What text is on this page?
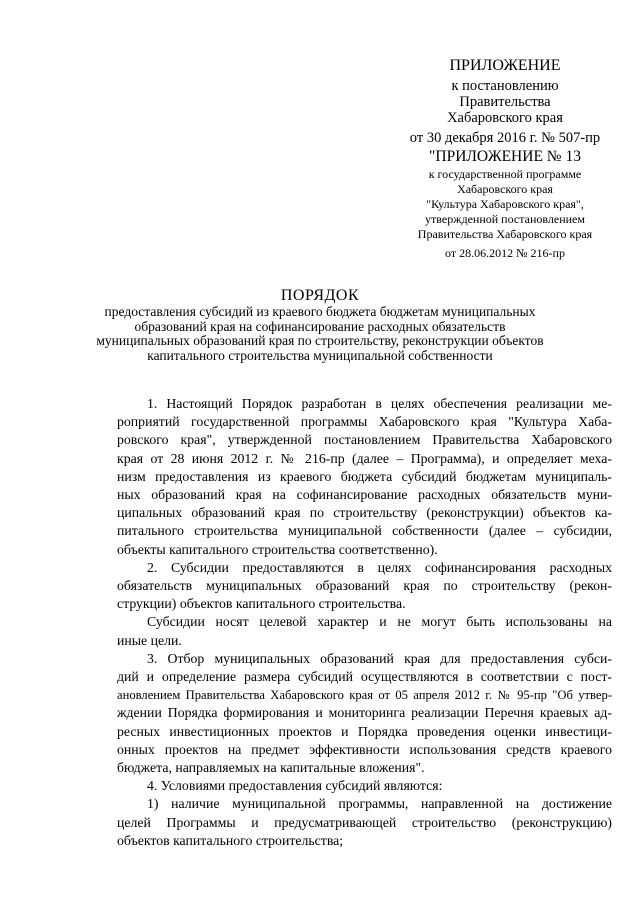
ПРИЛОЖЕНИЕ
к постановлению
Правительства
Хабаровского края
от 30 декабря 2016 г. № 507-пр
"ПРИЛОЖЕНИЕ № 13
к государственной программе
Хабаровского края
"Культура Хабаровского края",
утвержденной постановлением
Правительства Хабаровского края
от 28.06.2012 № 216-пр
ПОРЯДОК
предоставления субсидий из краевого бюджета бюджетам муниципальных
образований края на софинансирование расходных обязательств
муниципальных образований края по строительству, реконструкции объектов
капитального строительства муниципальной собственности
1. Настоящий Порядок разработан в целях обеспечения реализации ме-
роприятий государственной программы Хабаровского края "Культура Хаба-
ровского края", утвержденной постановлением Правительства Хабаровского
края от 28 июня 2012 г. № 216-пр (далее – Программа), и определяет меха-
низм предоставления из краевого бюджета субсидий бюджетам муниципаль-
ных образований края на софинансирование расходных обязательств муни-
ципальных образований края по строительству (реконструкции) объектов ка-
питального строительства муниципальной собственности (далее – субсидии,
объекты капитального строительства соответственно).
2. Субсидии предоставляются в целях софинансирования расходных
обязательств муниципальных образований края по строительству (рекон-
струкции) объектов капитального строительства.
Субсидии носят целевой характер и не могут быть использованы на
иные цели.
3. Отбор муниципальных образований края для предоставления субси-
дий и определение размера субсидий осуществляются в соответствии с пост-
ановлением Правительства Хабаровского края от 05 апреля 2012 г. № 95-пр "Об утвер-
ждении Порядка формирования и мониторинга реализации Перечня краевых ад-
ресных инвестиционных проектов и Порядка проведения оценки инвестици-
онных проектов на предмет эффективности использования средств краевого
бюджета, направляемых на капитальные вложения".
4. Условиями предоставления субсидий являются:
1) наличие муниципальной программы, направленной на достижение
целей Программы и предусматривающей строительство (реконструкцию)
объектов капитального строительства;
